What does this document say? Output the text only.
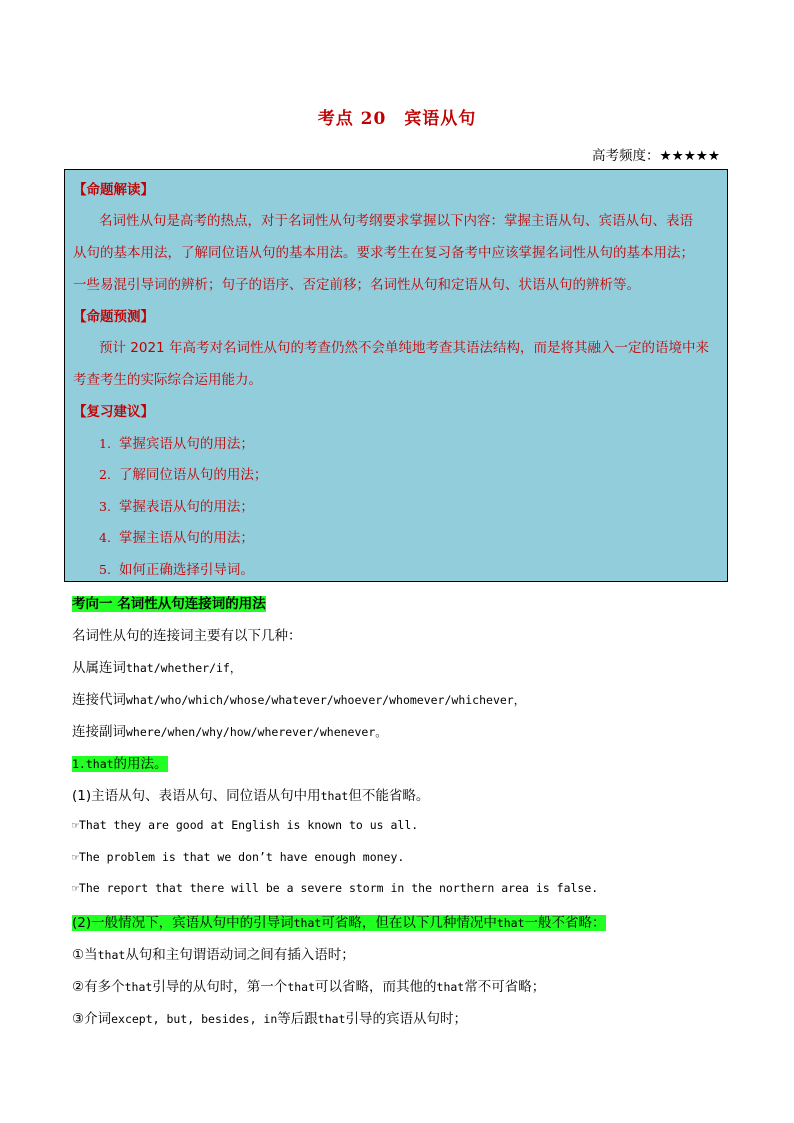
考点 20　宾语从句
高考频度：★★★★★
【命题解读】
名词性从句是高考的热点，对于名词性从句考纲要求掌握以下内容：掌握主语从句、宾语从句、表语
从句的基本用法，了解同位语从句的基本用法。要求考生在复习备考中应该掌握名词性从句的基本用法；
一些易混引导词的辨析；句子的语序、否定前移；名词性从句和定语从句、状语从句的辨析等。
【命题预测】
预计 2021 年高考对名词性从句的考查仍然不会单纯地考查其语法结构，而是将其融入一定的语境中来
考查考生的实际综合运用能力。
【复习建议】
1. 掌握宾语从句的用法；
2. 了解同位语从句的用法；
3. 掌握表语从句的用法；
4. 掌握主语从句的用法；
5. 如何正确选择引导词。
考向一 名词性从句连接词的用法
名词性从句的连接词主要有以下几种：
从属连词that/whether/if，
连接代词what/who/which/whose/whatever/whoever/whomever/whichever，
连接副词where/when/why/how/wherever/whenever。
1.that的用法。
(1)主语从句、表语从句、同位语从句中用that但不能省略。
☞That they are good at English is known to us all.
☞The problem is that we don’t have enough money.
☞The report that there will be a severe storm in the northern area is false.
(2)一般情况下，宾语从句中的引导词that可省略，但在以下几种情况中that一般不省略：
①当that从句和主句谓语动词之间有插入语时；
②有多个that引导的从句时，第一个that可以省略，而其他的that常不可省略；
③介词except, but, besides, in等后跟that引导的宾语从句时；
